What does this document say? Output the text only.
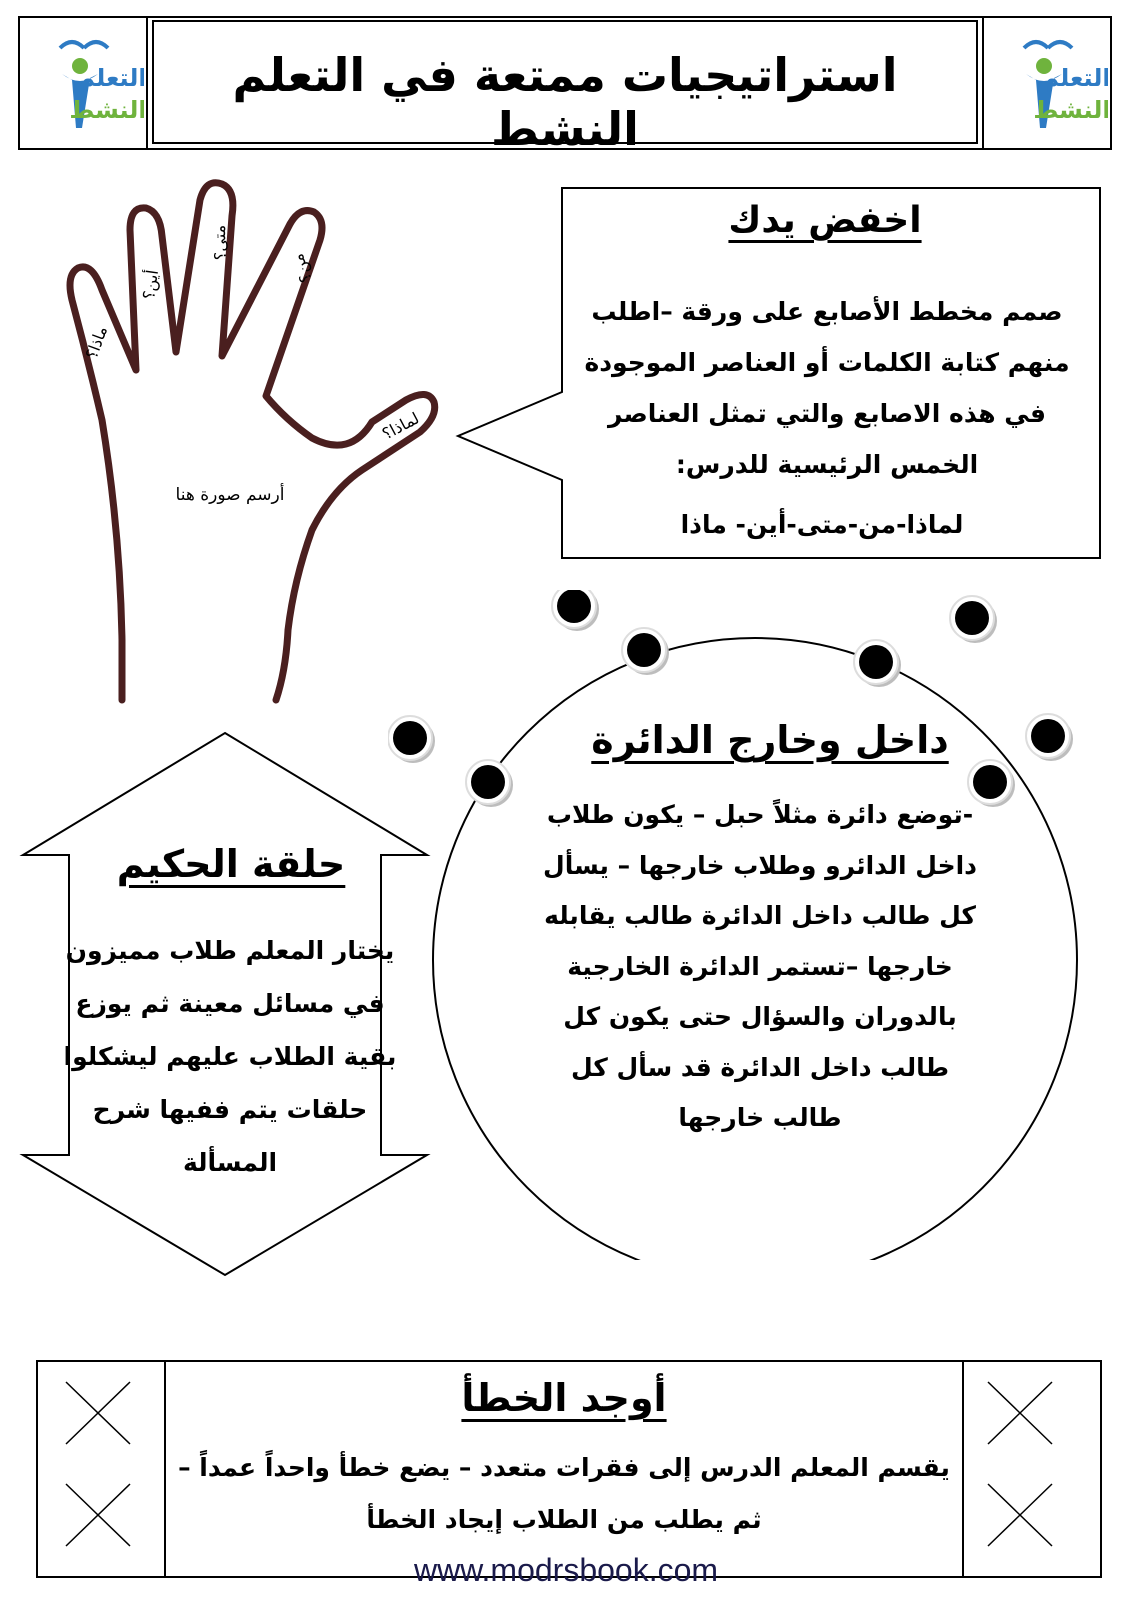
التعلم
النشط
استراتيجيات ممتعة في التعلم النشط
التعلم
النشط
ماذا؟
أين؟
متى؟
من؟
لماذا؟
أرسم صورة هنا
اخفض يدك
صمم مخطط الأصابع على ورقة –اطلب منهم كتابة الكلمات أو العناصر الموجودة في هذه الاصابع والتي تمثل العناصر الخمس الرئيسية للدرس:
لماذا-من-متى-أين- ماذا
داخل وخارج الدائرة
-توضع دائرة مثلاً حبل – يكون طلاب داخل الدائرو وطلاب خارجها – يسأل كل طالب داخل الدائرة طالب يقابله خارجها –تستمر الدائرة الخارجية بالدوران والسؤال حتى يكون كل طالب داخل الدائرة قد سأل كل طالب خارجها
حلقة الحكيم
يختار المعلم طلاب مميزون في مسائل معينة ثم يوزع بقية الطلاب عليهم ليشكلوا حلقات يتم ففيها شرح المسألة
أوجد الخطأ
يقسم المعلم الدرس إلى فقرات متعدد – يضع خطأ واحداً عمداً – ثم يطلب من الطلاب إيجاد الخطأ
www.modrsbook.com
